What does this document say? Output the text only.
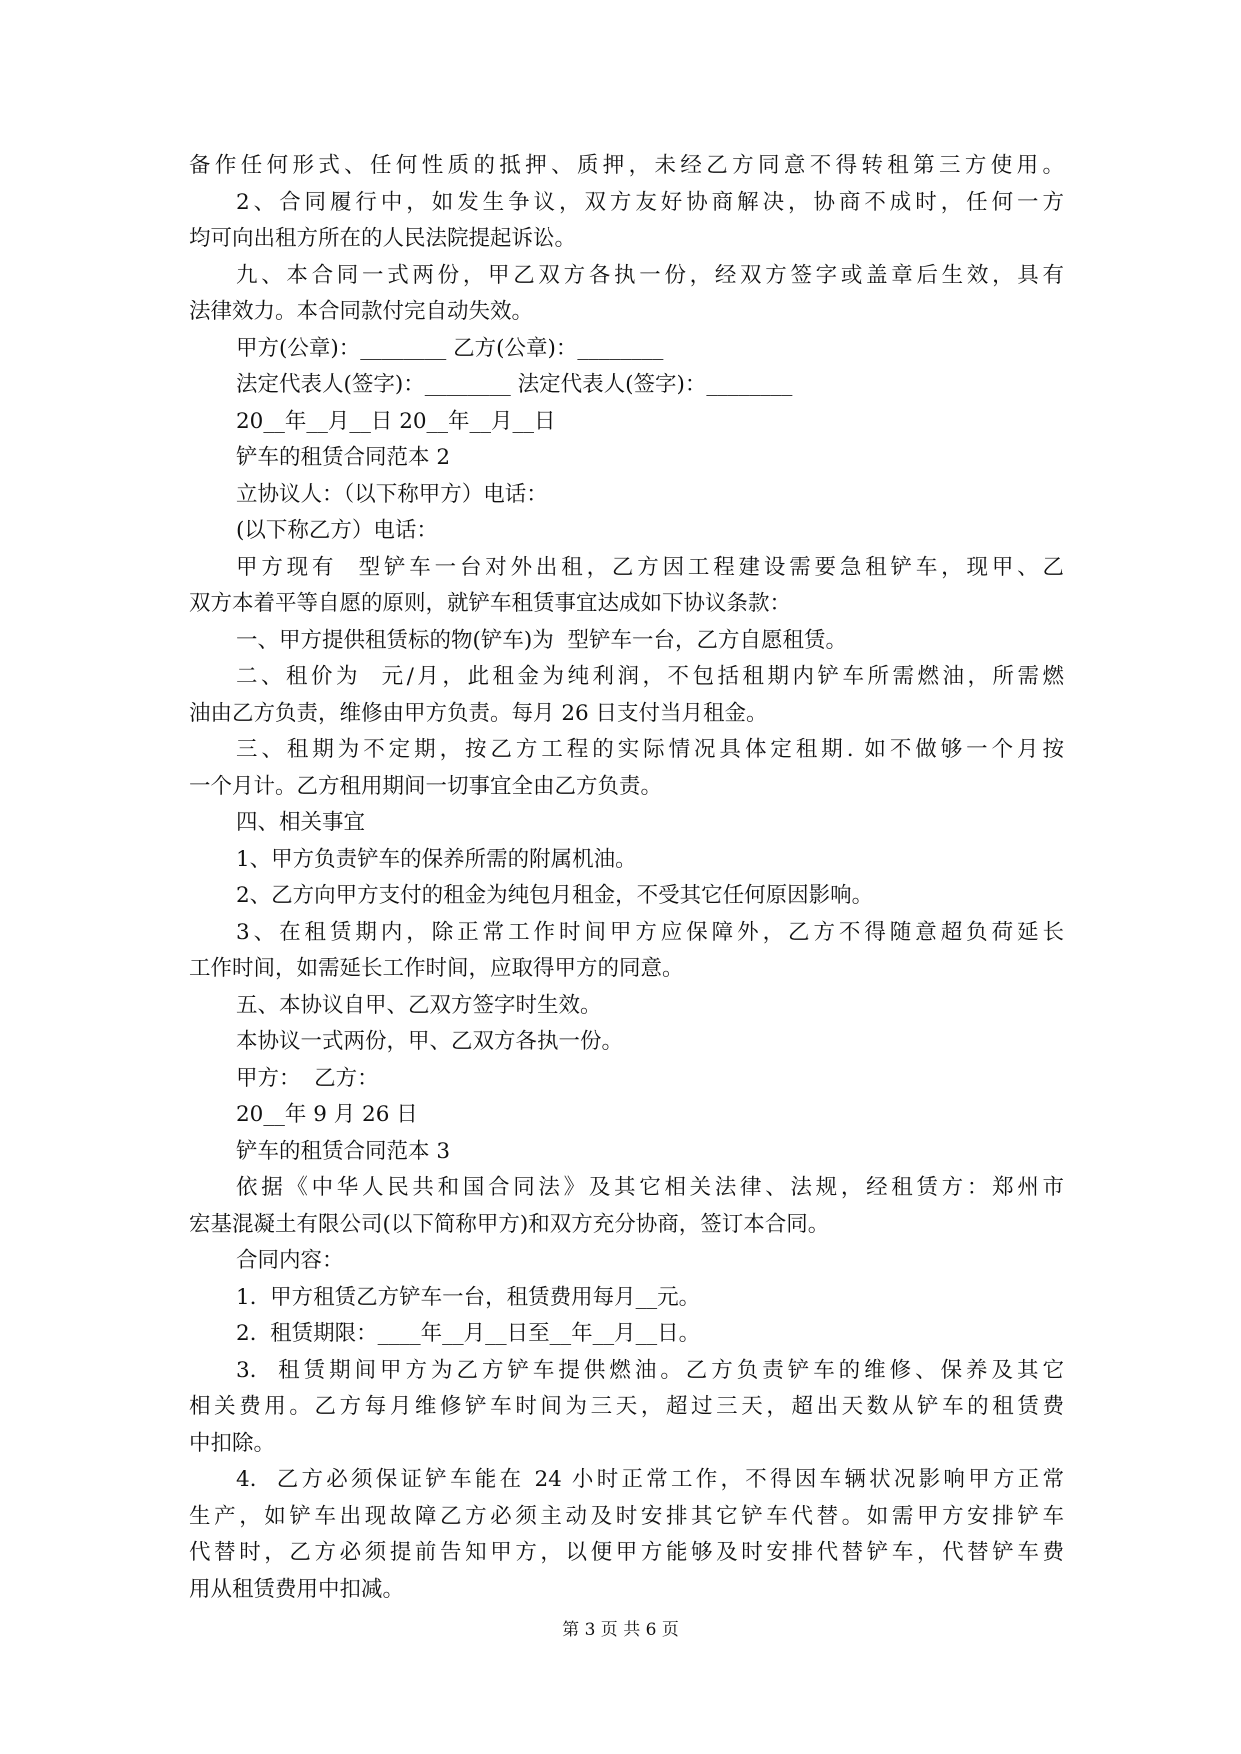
备作任何形式、任何性质的抵押、质押，未经乙方同意不得转租第三方使用。
2、合同履行中，如发生争议，双方友好协商解决，协商不成时，任何一方
均可向出租方所在的人民法院提起诉讼。
九、本合同一式两份，甲乙双方各执一份，经双方签字或盖章后生效，具有
法律效力。本合同款付完自动失效。
甲方(公章)：________ 乙方(公章)：________
法定代表人(签字)：________ 法定代表人(签字)：________
20__年__月__日 20__年__月__日
铲车的租赁合同范本 2
立协议人：（以下称甲方）电话：
(以下称乙方）电话：
甲方现有  型铲车一台对外出租，乙方因工程建设需要急租铲车，现甲、乙
双方本着平等自愿的原则，就铲车租赁事宜达成如下协议条款：
一、甲方提供租赁标的物(铲车)为  型铲车一台，乙方自愿租赁。
二、租价为  元/月，此租金为纯利润，不包括租期内铲车所需燃油，所需燃
油由乙方负责，维修由甲方负责。每月 26 日支付当月租金。
三、租期为不定期，按乙方工程的实际情况具体定租期. 如不做够一个月按
一个月计。乙方租用期间一切事宜全由乙方负责。
四、相关事宜
1、甲方负责铲车的保养所需的附属机油。
2、乙方向甲方支付的租金为纯包月租金，不受其它任何原因影响。
3、在租赁期内，除正常工作时间甲方应保障外，乙方不得随意超负荷延长
工作时间，如需延长工作时间，应取得甲方的同意。
五、本协议自甲、乙双方签字时生效。
本协议一式两份，甲、乙双方各执一份。
甲方：  乙方：
20__年 9 月 26 日
铲车的租赁合同范本 3
依据《中华人民共和国合同法》及其它相关法律、法规，经租赁方：郑州市
宏基混凝土有限公司(以下简称甲方)和双方充分协商，签订本合同。
合同内容：
1.  甲方租赁乙方铲车一台，租赁费用每月__元。
2.  租赁期限：____年__月__日至__年__月__日。
3.  租赁期间甲方为乙方铲车提供燃油。乙方负责铲车的维修、保养及其它
相关费用。乙方每月维修铲车时间为三天，超过三天，超出天数从铲车的租赁费
中扣除。
4.  乙方必须保证铲车能在 24 小时正常工作，不得因车辆状况影响甲方正常
生产，如铲车出现故障乙方必须主动及时安排其它铲车代替。如需甲方安排铲车
代替时，乙方必须提前告知甲方，以便甲方能够及时安排代替铲车，代替铲车费
用从租赁费用中扣减。
第 3 页 共 6 页
